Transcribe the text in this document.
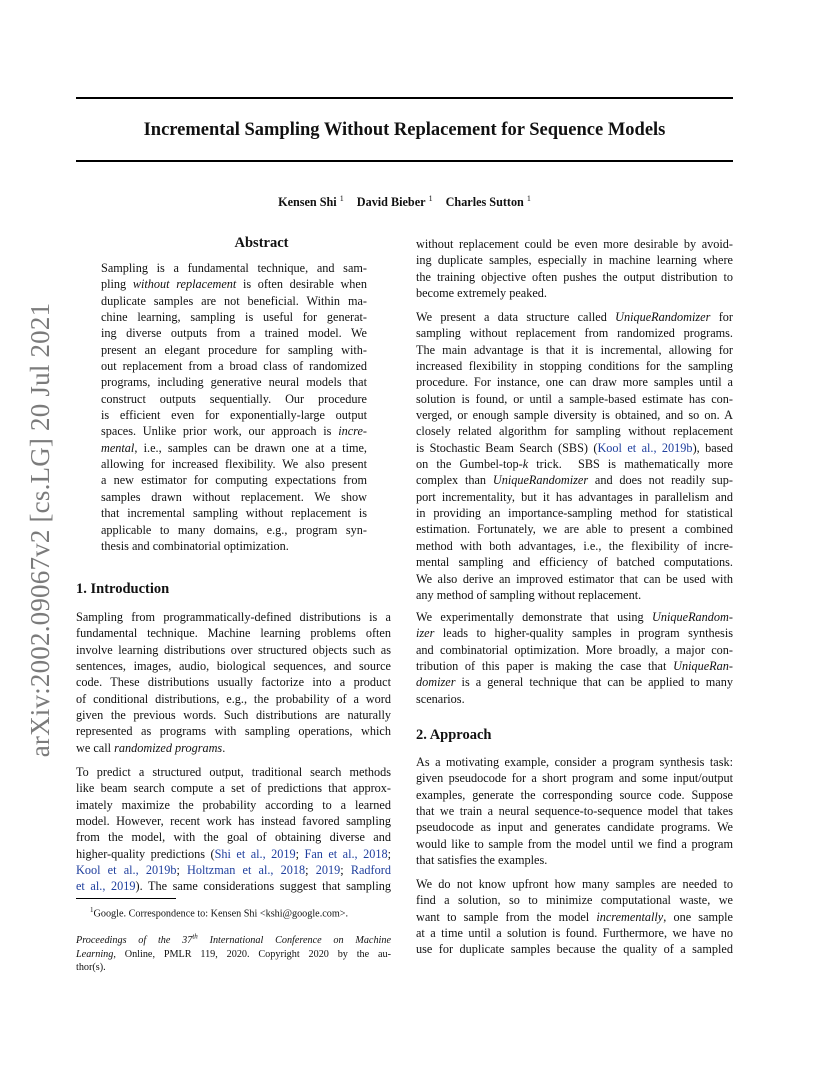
arXiv:2002.09067v2 [cs.LG] 20 Jul 2021
Incremental Sampling Without Replacement for Sequence Models
Kensen Shi $^1$ David Bieber $^1$ Charles Sutton $^1$
Abstract
Sampling is a fundamental technique, and sam-
pling without replacement is often desirable when
duplicate samples are not beneficial. Within ma-
chine learning, sampling is useful for generat-
ing diverse outputs from a trained model. We
present an elegant procedure for sampling with-
out replacement from a broad class of randomized
programs, including generative neural models that
construct outputs sequentially. Our procedure
is efficient even for exponentially-large output
spaces. Unlike prior work, our approach is incre-
mental, i.e., samples can be drawn one at a time,
allowing for increased flexibility. We also present
a new estimator for computing expectations from
samples drawn without replacement. We show
that incremental sampling without replacement is
applicable to many domains, e.g., program syn-
thesis and combinatorial optimization.
1. Introduction
Sampling from programmatically-defined distributions is a
fundamental technique. Machine learning problems often
involve learning distributions over structured objects such as
sentences, images, audio, biological sequences, and source
code. These distributions usually factorize into a product
of conditional distributions, e.g., the probability of a word
given the previous words. Such distributions are naturally
represented as programs with sampling operations, which
we call randomized programs.
To predict a structured output, traditional search methods
like beam search compute a set of predictions that approx-
imately maximize the probability according to a learned
model. However, recent work has instead favored sampling
from the model, with the goal of obtaining diverse and
higher-quality predictions (Shi et al., 2019; Fan et al., 2018;
Kool et al., 2019b; Holtzman et al., 2018; 2019; Radford
et al., 2019). The same considerations suggest that sampling
$^1$Google. Correspondence to: Kensen Shi <kshi@google.com>.
Proceedings of the 37th International Conference on Machine
Learning, Online, PMLR 119, 2020. Copyright 2020 by the au-
thor(s).
without replacement could be even more desirable by avoid-
ing duplicate samples, especially in machine learning where
the training objective often pushes the output distribution to
become extremely peaked.
We present a data structure called UniqueRandomizer for
sampling without replacement from randomized programs.
The main advantage is that it is incremental, allowing for
increased flexibility in stopping conditions for the sampling
procedure. For instance, one can draw more samples until a
solution is found, or until a sample-based estimate has con-
verged, or enough sample diversity is obtained, and so on. A
closely related algorithm for sampling without replacement
is Stochastic Beam Search (SBS) (Kool et al., 2019b), based
on the Gumbel-top-k trick.  SBS is mathematically more
complex than UniqueRandomizer and does not readily sup-
port incrementality, but it has advantages in parallelism and
in providing an importance-sampling method for statistical
estimation. Fortunately, we are able to present a combined
method with both advantages, i.e., the flexibility of incre-
mental sampling and efficiency of batched computations.
We also derive an improved estimator that can be used with
any method of sampling without replacement.
We experimentally demonstrate that using UniqueRandom-
izer leads to higher-quality samples in program synthesis
and combinatorial optimization. More broadly, a major con-
tribution of this paper is making the case that UniqueRan-
domizer is a general technique that can be applied to many
scenarios.
2. Approach
As a motivating example, consider a program synthesis task:
given pseudocode for a short program and some input/output
examples, generate the corresponding source code. Suppose
that we train a neural sequence-to-sequence model that takes
pseudocode as input and generates candidate programs. We
would like to sample from the model until we find a program
that satisfies the examples.
We do not know upfront how many samples are needed to
find a solution, so to minimize computational waste, we
want to sample from the model incrementally, one sample
at a time until a solution is found. Furthermore, we have no
use for duplicate samples because the quality of a sampled
